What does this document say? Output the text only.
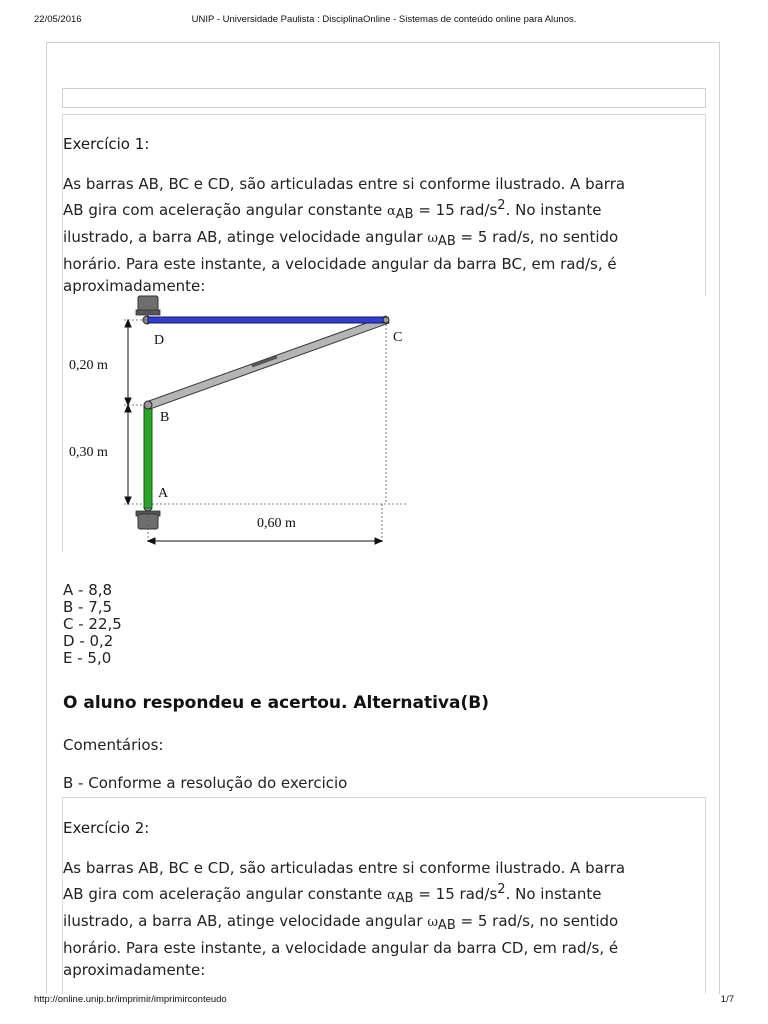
22/05/2016	UNIP - Universidade Paulista : DisciplinaOnline - Sistemas de conteúdo online para Alunos.
Exercício 1:
As barras AB, BC e CD, são articuladas entre si conforme ilustrado. A barra
AB gira com aceleração angular constante $\alpha_{AB} = 15$ rad/$s^2$. No instante
ilustrado, a barra AB, atinge velocidade angular $\omega_{AB} = 5$ rad/s, no sentido
horário. Para este instante, a velocidade angular da barra BC, em rad/s, é
aproximadamente:
D	C
B
A
0,20 m
0,30 m
0,60 m
A - 8,8
B - 7,5
C - 22,5
D - 0,2
E - 5,0
O aluno respondeu e acertou. Alternativa(B)
Comentários:
B - Conforme a resolução do exercicio
Exercício 2:
As barras AB, BC e CD, são articuladas entre si conforme ilustrado. A barra
AB gira com aceleração angular constante $\alpha_{AB} = 15$ rad/$s^2$. No instante
ilustrado, a barra AB, atinge velocidade angular $\omega_{AB} = 5$ rad/s, no sentido
horário. Para este instante, a velocidade angular da barra CD, em rad/s, é
aproximadamente:
http://online.unip.br/imprimir/imprimirconteudo	1/7
